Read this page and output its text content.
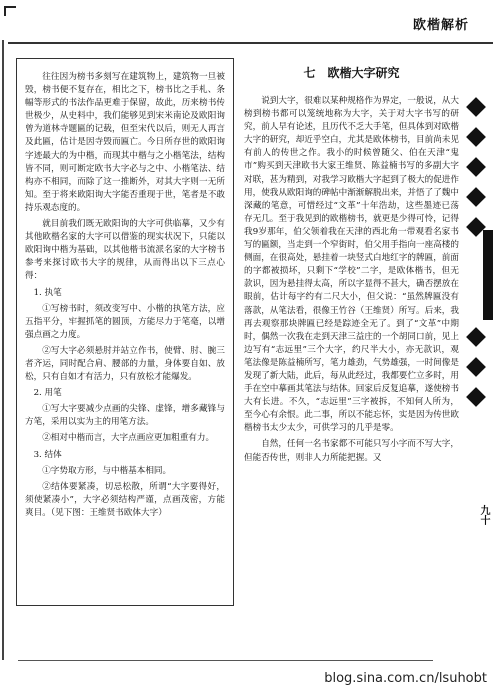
欧楷解析

往往因为榜书多刻写在建筑物上，建筑物一旦被毁，榜书便不复存在，相比之下，榜书比之手札、条幅等形式的书法作品更难于保留，故此，历来榜书传世极少，从史料中，我们能够见到宋米南论及欧阳询曾为道林寺题匾的记载，但至宋代以后，则无人再言及此匾，估计是因寺毁而匾亡。今日所存世的欧阳询字迹最大的为中楷，而现其中楷与之小楷笔法，结构皆不同，则可断定欧书大字必与之中、小楷笔法、结构亦不相同，而除了这一推断外，对其大字则一无所知。至于将来欧阳询大字能否重现于世，笔者是不敢持乐观态度的。

就目前我们既无欧阳询的大字可供临摹，又少有其他欧楷名家的大字可以借鉴的现实状况下，只能以欧阳询中楷为基础，以其他楷书流派名家的大字榜书参考来探讨欧书大字的规律，从而得出以下三点心得：

1. 执笔

①写榜书时，须改变写中、小楷的执笔方法，应五指平分，牢握抓笔的圆顶，方能尽力于笔毫，以增强点画之力度。

②写大字必须悬肘并站立作书，使臂、肘、腕三者齐运，同时配合肩、腰部的力量，身体要自如、放松，只有自如才有活力，只有放松才能爆发。

2. 用笔

①写大字要减少点画的尖锋、虚锋，增多藏锋与方笔，采用以实为主的用笔方法。

②相对中楷而言，大字点画应更加粗重有力。

3. 结体

①字势取方形，与中楷基本相同。

②结体要紧凑，切忌松散，所谓“大字要得好，须使紧凑小”，大字必须结构严谨，点画茂密，方能爽目。（见下图：王维贤书欧体大字）

七　欧楷大字研究

说到大字，很难以某种规格作为界定，一般说，从大榜到榜书都可以笼统地称为大字，关于对大字书写的研究，前人早有论述，且历代不乏大手笔，但具体到对欧楷大字的研究，却近乎空白，尤其是欧体榜书，目前尚未见有前人的传世之作。我小的时候曾随父、伯在天津“鬼市”购买到天津欧书大家王维贤、陈益楠书写的多副大字对联，甚为精到，对我学习欧楷大字起到了极大的促进作用，使我从欧阳询的碑帖中渐渐解脱出来，并悟了了魏中深藏的笔意，可惜经过“文革”十年浩劫，这些墨迹已荡存无几。至于我见到的欧楷榜书，就更是少得可怜，记得我9岁那年，伯父领着我在天津的西北角一带观看名家书写的匾额，当走到一个窄街时，伯父用手指向一座高楼的侧面，在很高处，悬挂着一块竖式白地红字的牌匾，前面的字都被损坏，只剩下“学校”二字，是欧体楷书，但无款识，因为悬挂得太高，所以字显得不甚大，确否摆放在眼前，估计每字约有二尺大小，但父说：“虽然牌匾没有落款，从笔法看，很像王竹谷（王维贤）所写。后来，我再去观察那块牌匾已经是踪迹全无了。到了“文革”中期时，偶然一次我在走到天津三益庄的一个胡同口前，见上边写有“志远里”三个大字，约尺半大小，亦无款识，观笔法像是陈益楠所写，笔力雄劲，气势雄强，一时间像是发现了新大陆，此后，每从此经过，我都要伫立多时，用手在空中摹画其笔法与结体。回家后反复追摹，遂使榜书大有长进。不久，“志远里”三字被拆，不知何人所为，至今心有余恨。此二事，所以不能忘怀，实是因为传世欧楷榜书太少太少，可供学习的几乎是零。

自然，任何一名书家都不可能只写小字而不写大字，但能否传世，则非人力所能把握。又

九十
blog.sina.com.cn/lsuhobt
